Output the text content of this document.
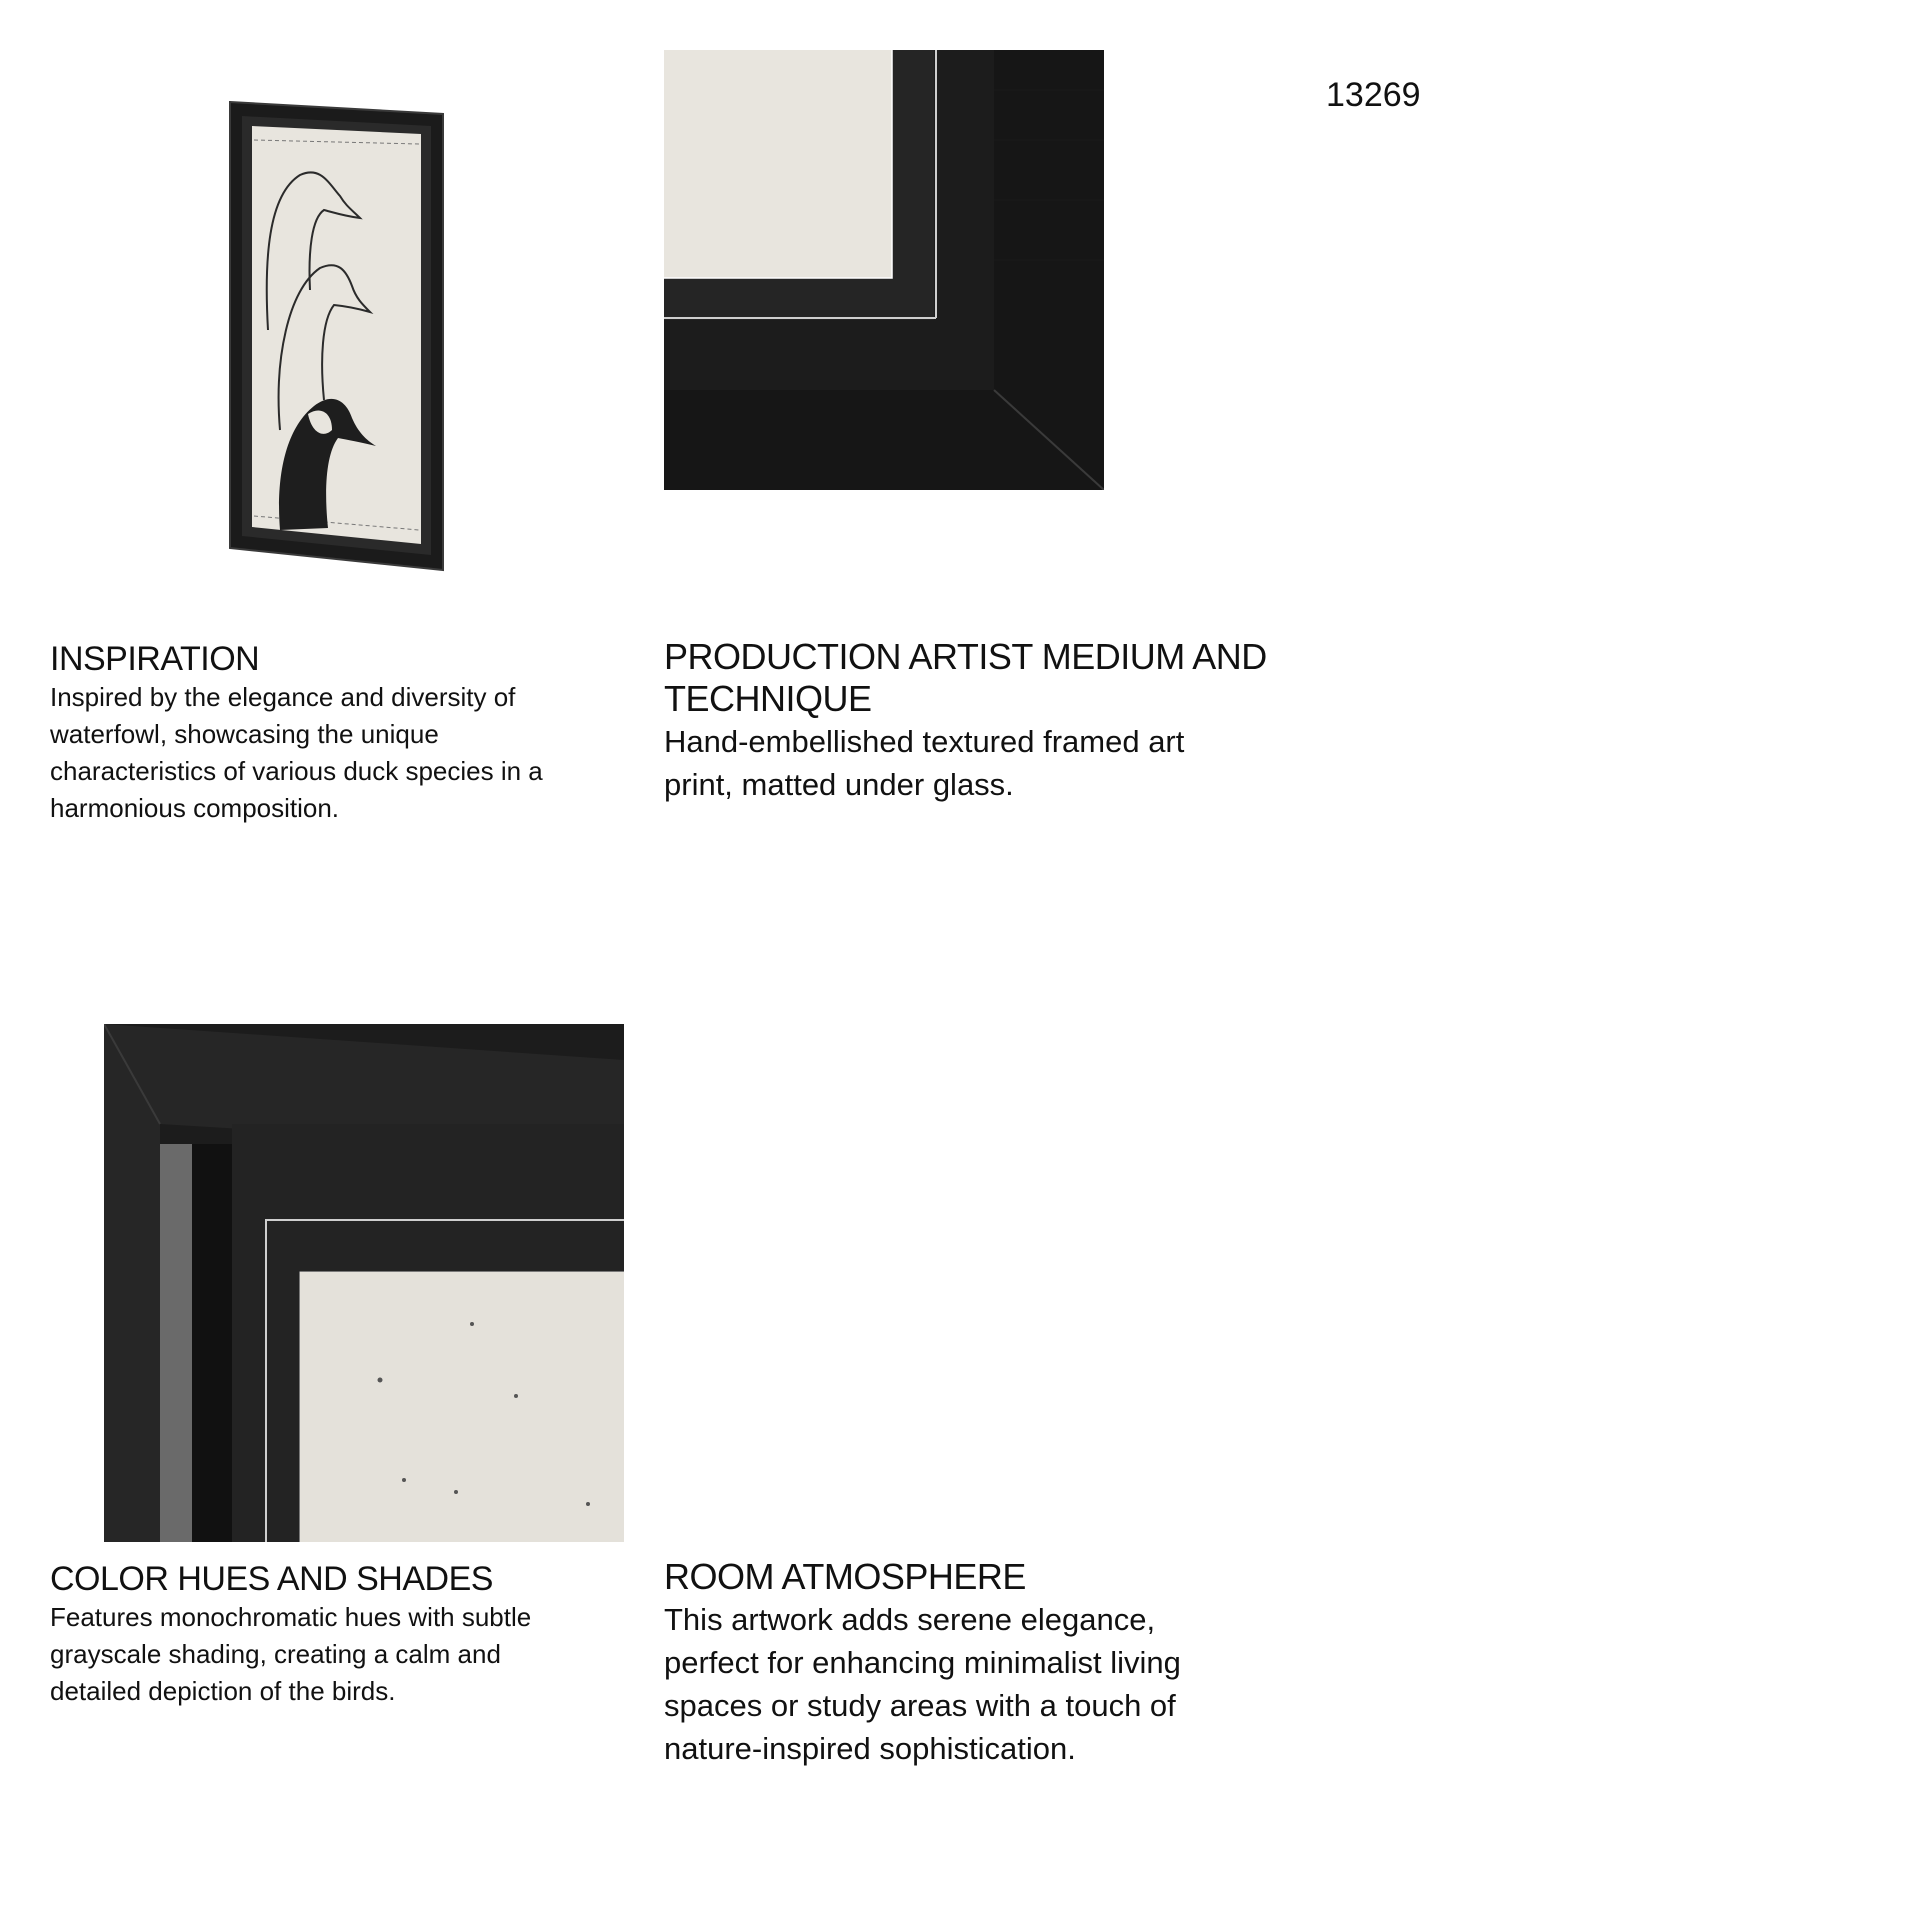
13269
INSPIRATION

Inspired by the elegance and diversity of waterfowl, showcasing the unique characteristics of various duck species in a harmonious composition.

PRODUCTION ARTIST MEDIUM AND TECHNIQUE

Hand-embellished textured framed art print, matted under glass.

COLOR HUES AND SHADES

Features monochromatic hues with subtle grayscale shading, creating a calm and detailed depiction of the birds.

ROOM ATMOSPHERE

This artwork adds serene elegance, perfect for enhancing minimalist living spaces or study areas with a touch of nature-inspired sophistication.
